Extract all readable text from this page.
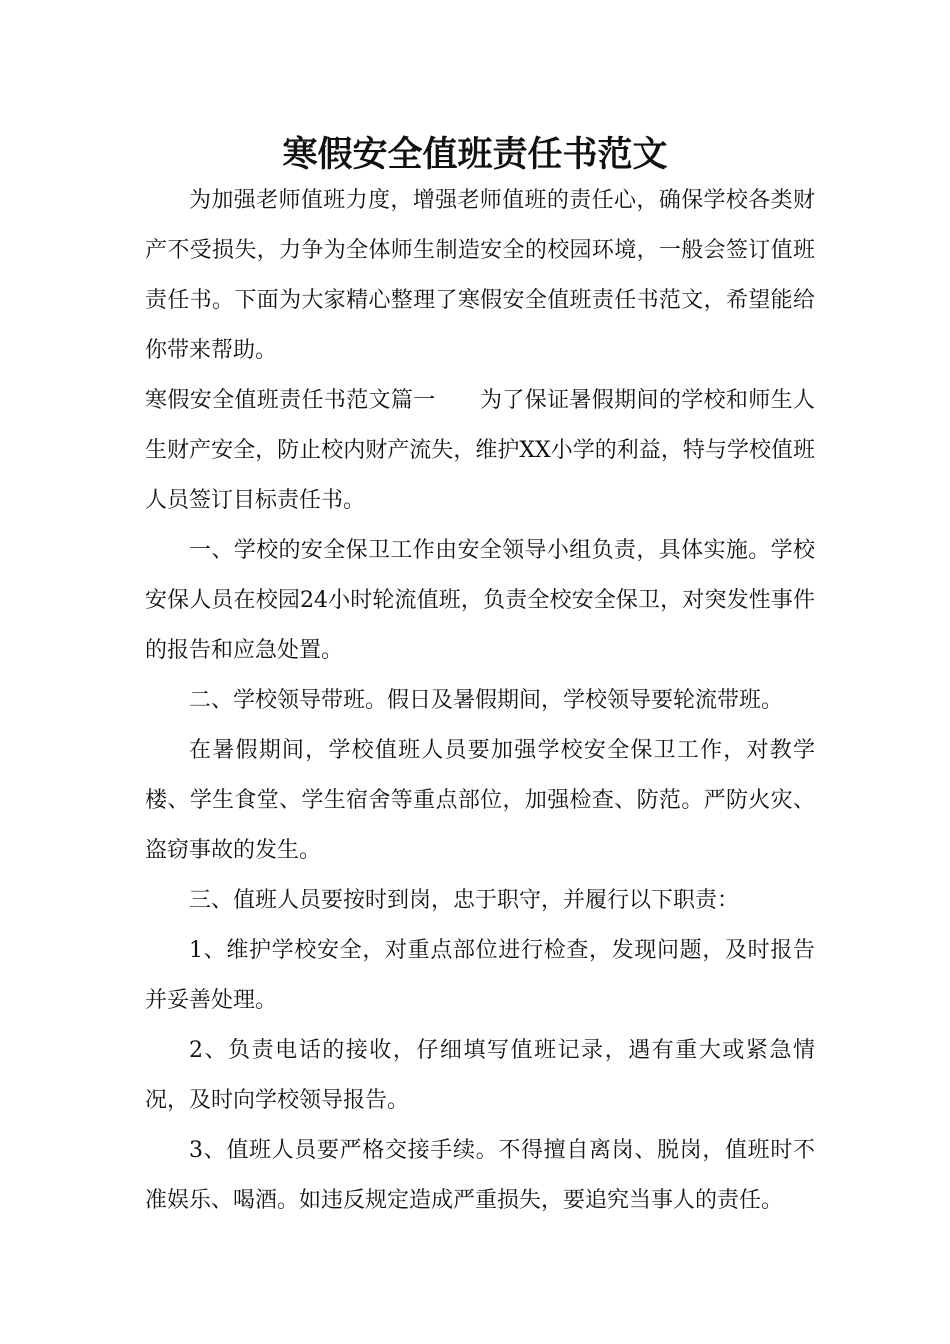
寒假安全值班责任书范文

为加强老师值班力度，增强老师值班的责任心，确保学校各类财产不受损失，力争为全体师生制造安全的校园环境，一般会签订值班责任书。下面为大家精心整理了寒假安全值班责任书范文，希望能给你带来帮助。

寒假安全值班责任书范文篇一 为了保证暑假期间的学校和师生人生财产安全，防止校内财产流失，维护XX小学的利益，特与学校值班人员签订目标责任书。

一、学校的安全保卫工作由安全领导小组负责，具体实施。学校安保人员在校园24小时轮流值班，负责全校安全保卫，对突发性事件的报告和应急处置。

二、学校领导带班。假日及暑假期间，学校领导要轮流带班。

在暑假期间，学校值班人员要加强学校安全保卫工作，对教学楼、学生食堂、学生宿舍等重点部位，加强检查、防范。严防火灾、盗窃事故的发生。

三、值班人员要按时到岗，忠于职守，并履行以下职责：

1、维护学校安全，对重点部位进行检查，发现问题，及时报告并妥善处理。

2、负责电话的接收，仔细填写值班记录，遇有重大或紧急情况，及时向学校领导报告。

3、值班人员要严格交接手续。不得擅自离岗、脱岗，值班时不准娱乐、喝酒。如违反规定造成严重损失，要追究当事人的责任。
